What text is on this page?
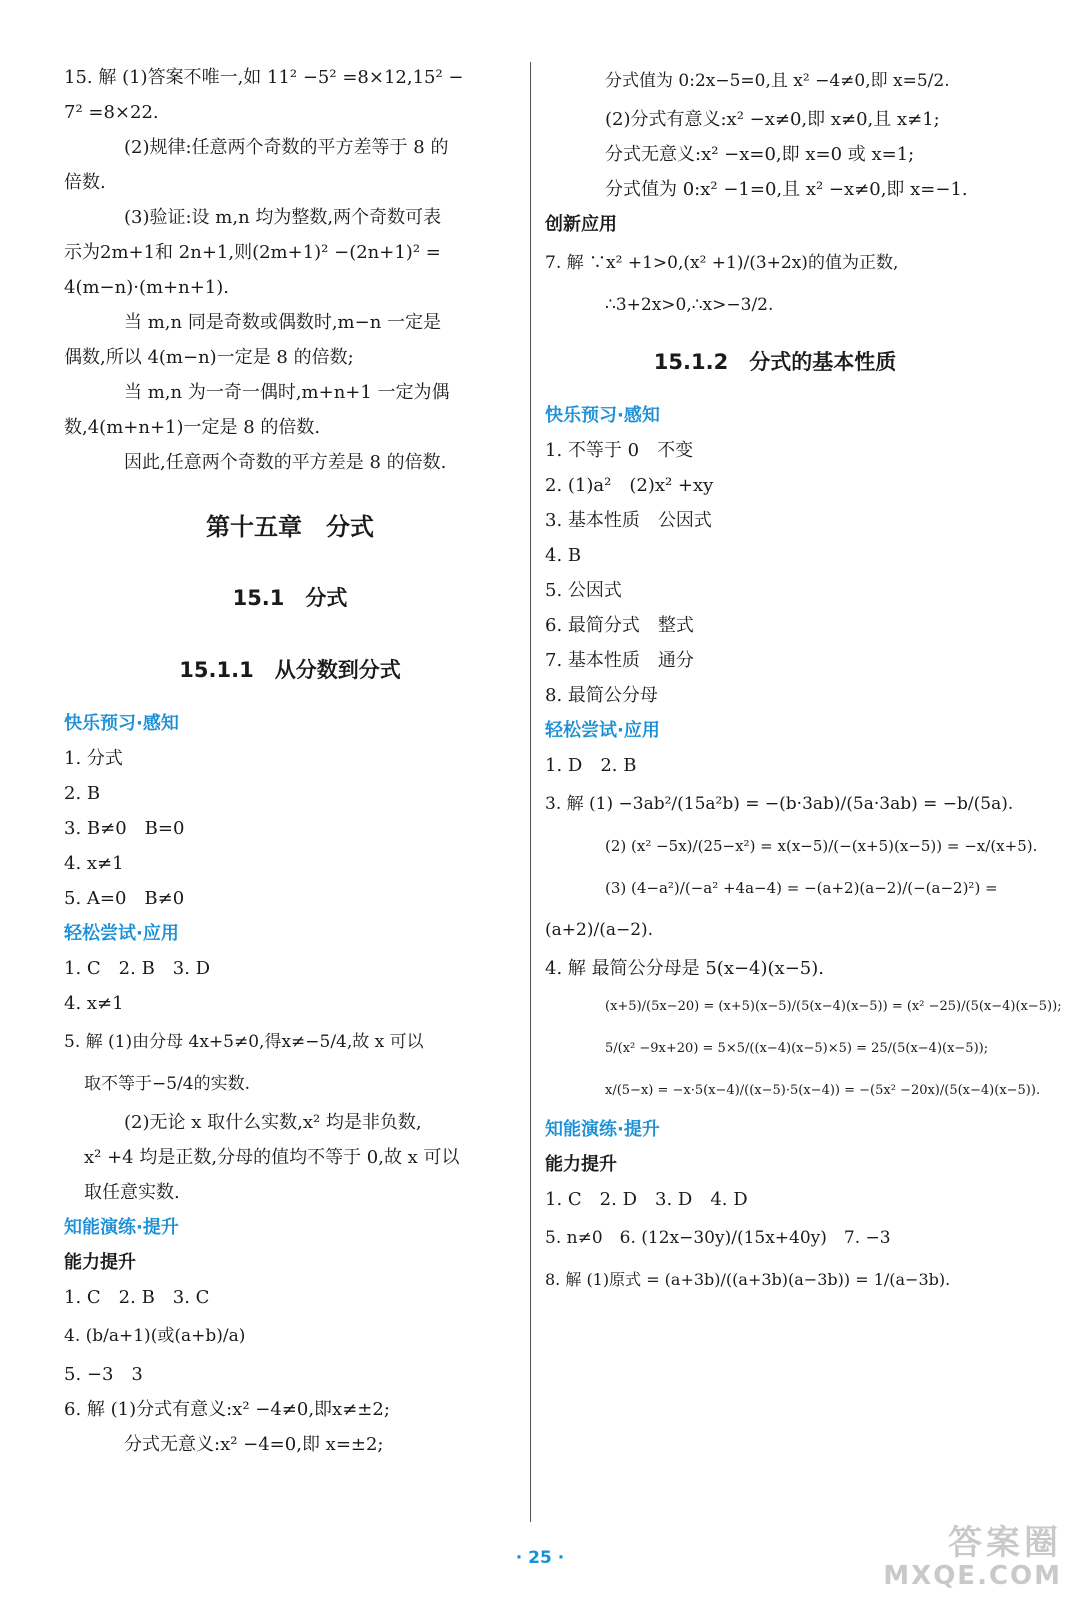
15. 解 (1)答案不唯一,如 11² −5² =8×12,15² −

7² =8×22.

(2)规律:任意两个奇数的平方差等于 8 的

倍数.

(3)验证:设 m,n 均为整数,两个奇数可表

示为2m+1和 2n+1,则(2m+1)² −(2n+1)² =

4(m−n)·(m+n+1).

当 m,n 同是奇数或偶数时,m−n 一定是

偶数,所以 4(m−n)一定是 8 的倍数;

当 m,n 为一奇一偶时,m+n+1 一定为偶

数,4(m+n+1)一定是 8 的倍数.

因此,任意两个奇数的平方差是 8 的倍数.

第十五章　分式
15.1　分式
15.1.1　从分数到分式
快乐预习·感知

1. 分式

2. B

3. B≠0　B=0

4. x≠1

5. A=0　B≠0

轻松尝试·应用

1. C　2. B　3. D

4. x≠1

5. 解 (1)由分母 4x+5≠0,得x≠−5/4,故 x 可以

取不等于−5/4的实数.

(2)无论 x 取什么实数,x² 均是非负数,

x² +4 均是正数,分母的值均不等于 0,故 x 可以

取任意实数.

知能演练·提升
能力提升

1. C　2. B　3. C

4. (b/a+1)(或(a+b)/a)

5. −3　3

6. 解 (1)分式有意义:x² −4≠0,即x≠±2;

分式无意义:x² −4=0,即 x=±2;

分式值为 0:2x−5=0,且 x² −4≠0,即 x=5/2.

(2)分式有意义:x² −x≠0,即 x≠0,且 x≠1;

分式无意义:x² −x=0,即 x=0 或 x=1;

分式值为 0:x² −1=0,且 x² −x≠0,即 x=−1.

创新应用

7. 解 ∵x² +1>0,(x² +1)/(3+2x)的值为正数,

∴3+2x>0,∴x>−3/2.

15.1.2　分式的基本性质
快乐预习·感知

1. 不等于 0　不变

2. (1)a²　(2)x² +xy

3. 基本性质　公因式

4. B

5. 公因式

6. 最简分式　整式

7. 基本性质　通分

8. 最简公分母

轻松尝试·应用

1. D　2. B

3. 解 (1) −3ab²/(15a²b) = −(b·3ab)/(5a·3ab) = −b/(5a).

(2) (x² −5x)/(25−x²) = x(x−5)/(−(x+5)(x−5)) = −x/(x+5).

(3) (4−a²)/(−a² +4a−4) = −(a+2)(a−2)/(−(a−2)²) =

(a+2)/(a−2).

4. 解 最简公分母是 5(x−4)(x−5).

(x+5)/(5x−20) = (x+5)(x−5)/(5(x−4)(x−5)) = (x² −25)/(5(x−4)(x−5));

5/(x² −9x+20) = 5×5/((x−4)(x−5)×5) = 25/(5(x−4)(x−5));

x/(5−x) = −x·5(x−4)/((x−5)·5(x−4)) = −(5x² −20x)/(5(x−4)(x−5)).

知能演练·提升
能力提升

1. C　2. D　3. D　4. D

5. n≠0　6. (12x−30y)/(15x+40y)　7. −3

8. 解 (1)原式 = (a+3b)/((a+3b)(a−3b)) = 1/(a−3b).

· 25 ·	答案圈
MXQE.COM
